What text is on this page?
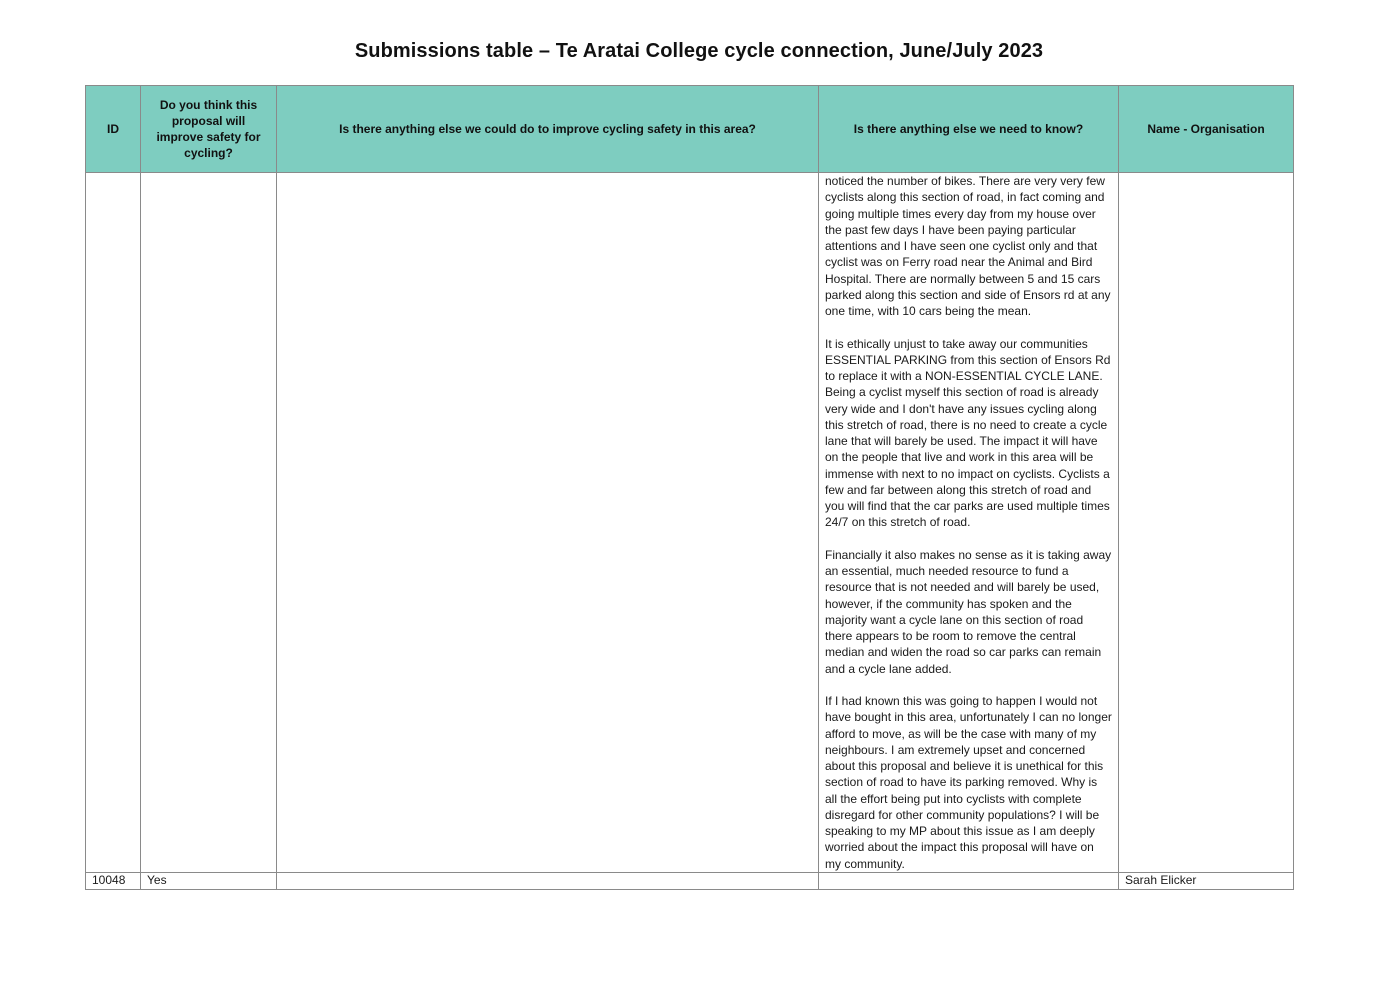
Submissions table – Te Aratai College cycle connection, June/July 2023
ID	Do you think this proposal will improve safety for cycling?	Is there anything else we could do to improve cycling safety in this area?	Is there anything else we need to know?	Name - Organisation

			noticed the number of bikes. There are very very few cyclists along this section of road, in fact coming and going multiple times every day from my house over the past few days I have been paying particular attentions and I have seen one cyclist only and that cyclist was on Ferry road near the Animal and Bird Hospital. There are normally between 5 and 15 cars parked along this section and side of Ensors rd at any one time, with 10 cars being the mean.
It is ethically unjust to take away our communities ESSENTIAL PARKING from this section of Ensors Rd to replace it with a NON-ESSENTIAL CYCLE LANE. Being a cyclist myself this section of road is already very wide and I don't have any issues cycling along this stretch of road, there is no need to create a cycle lane that will barely be used. The impact it will have on the people that live and work in this area will be immense with next to no impact on cyclists. Cyclists a few and far between along this stretch of road and you will find that the car parks are used multiple times 24/7 on this stretch of road.
Financially it also makes no sense as it is taking away an essential, much needed resource to fund a resource that is not needed and will barely be used, however, if the community has spoken and the majority want a cycle lane on this section of road there appears to be room to remove the central median and widen the road so car parks can remain and a cycle lane added.
If I had known this was going to happen I would not have bought in this area, unfortunately I can no longer afford to move, as will be the case with many of my neighbours. I am extremely upset and concerned about this proposal and believe it is unethical for this section of road to have its parking removed. Why is all the effort being put into cyclists with complete disregard for other community populations? I will be speaking to my MP about this issue as I am deeply worried about the impact this proposal will have on my community.	

10048	Yes			Sarah Elicker
